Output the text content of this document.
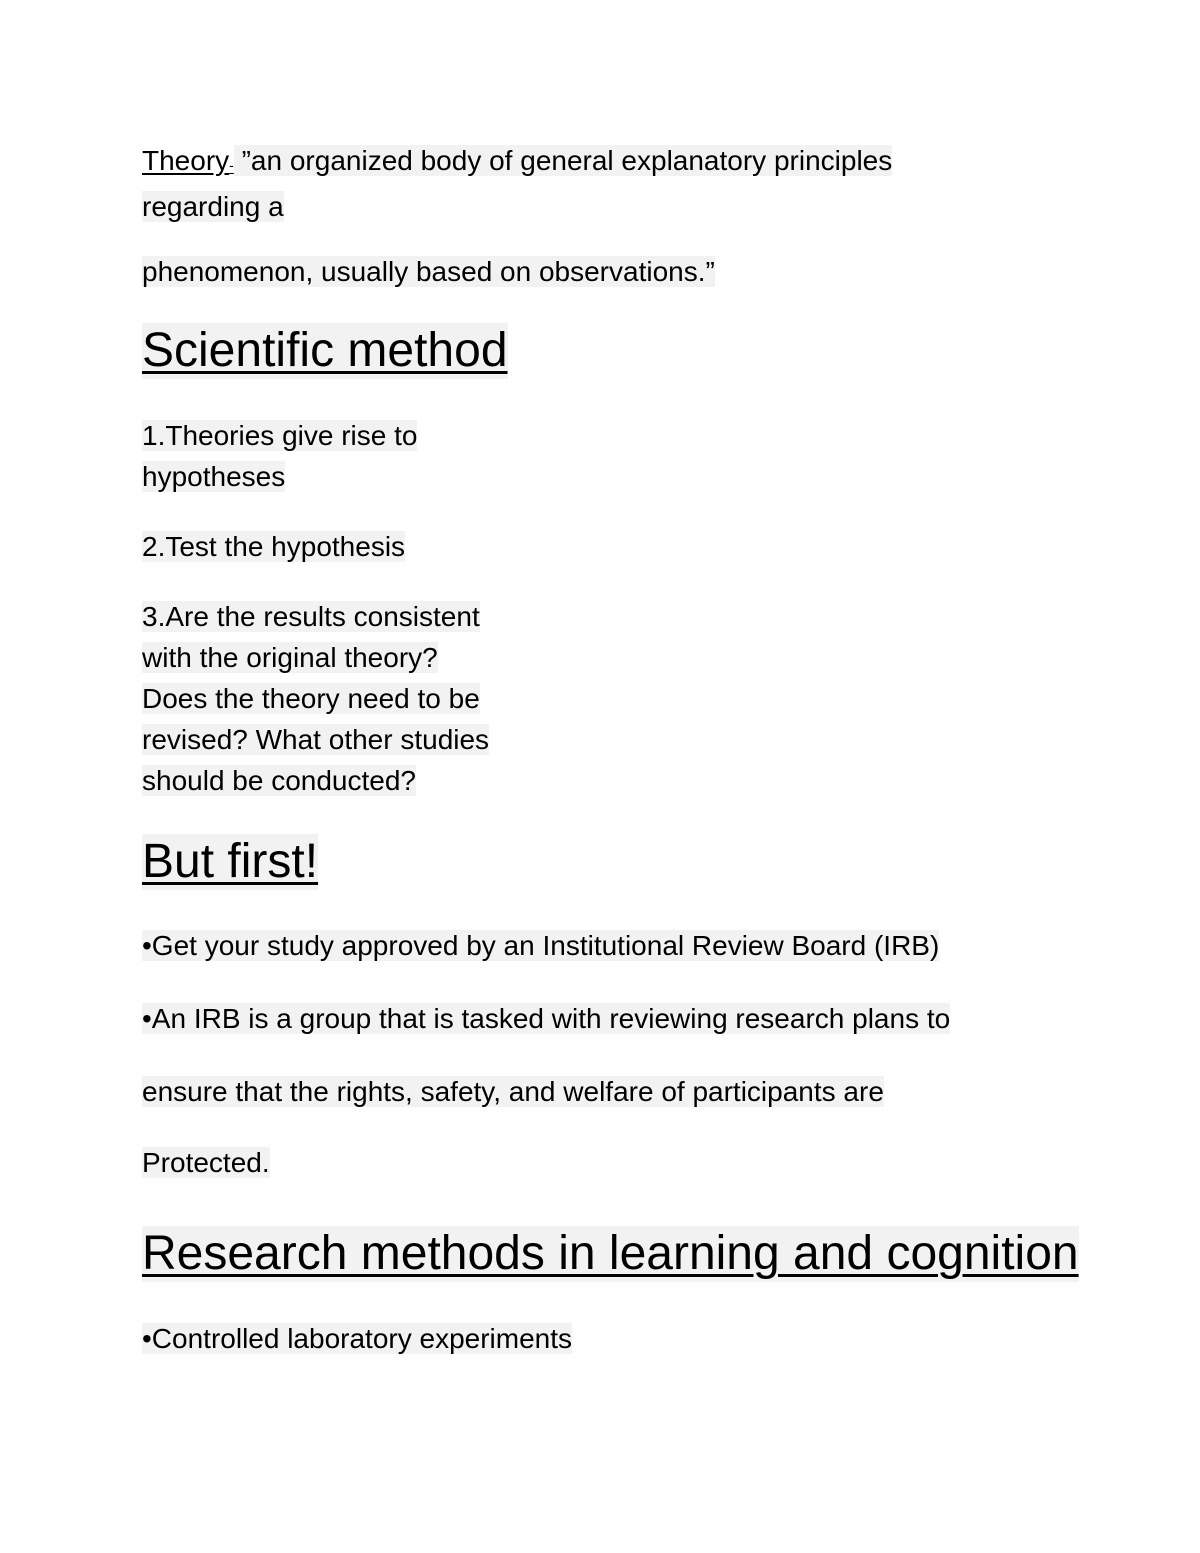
Theory- ”an organized body of general explanatory principles
regarding a

phenomenon, usually based on observations.”

Scientific method

1.Theories give rise to
hypotheses

2.Test the hypothesis

3.Are the results consistent
with the original theory?
Does the theory need to be
revised? What other studies
should be conducted?

But first!

•Get your study approved by an Institutional Review Board (IRB)

•An IRB is a group that is tasked with reviewing research plans to

ensure that the rights, safety, and welfare of participants are

Protected.

Research methods in learning and cognition

•Controlled laboratory experiments
